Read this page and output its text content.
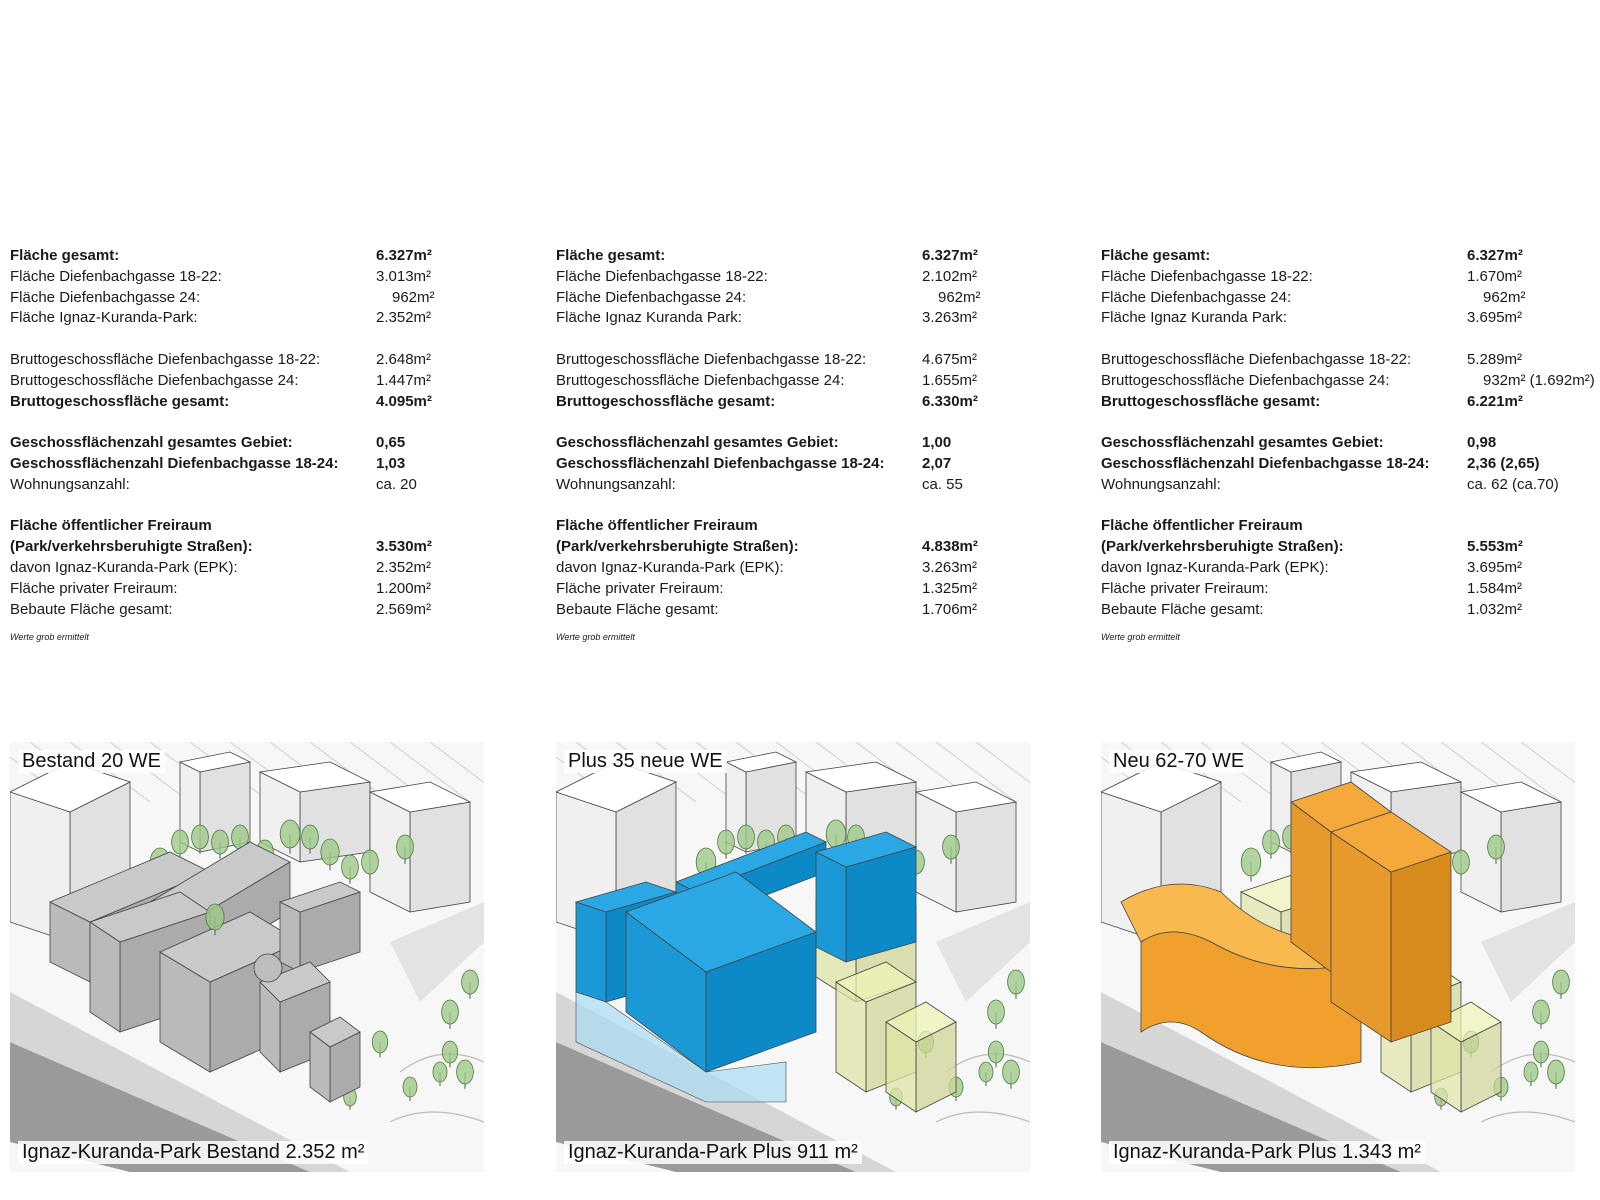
Fläche gesamt:	6.327m²
Fläche Diefenbachgasse 18-22:	3.013m²
Fläche Diefenbachgasse 24:	962m²
Fläche Ignaz-Kuranda-Park:	2.352m²
Bruttogeschossfläche Diefenbachgasse 18-22:	2.648m²
Bruttogeschossfläche Diefenbachgasse 24:	1.447m²
Bruttogeschossfläche gesamt:	4.095m²
Geschossflächenzahl gesamtes Gebiet:	0,65
Geschossflächenzahl Diefenbachgasse 18-24:	1,03
Wohnungsanzahl:	ca. 20
Fläche öffentlicher Freiraum
(Park/verkehrsberuhigte Straßen):	3.530m²
davon Ignaz-Kuranda-Park (EPK):	2.352m²
Fläche privater Freiraum:	1.200m²
Bebaute Fläche gesamt:	2.569m²
Werte grob ermittelt
Fläche gesamt:	6.327m²
Fläche Diefenbachgasse 18-22:	2.102m²
Fläche Diefenbachgasse 24:	962m²
Fläche Ignaz Kuranda Park:	3.263m²
Bruttogeschossfläche Diefenbachgasse 18-22:	4.675m²
Bruttogeschossfläche Diefenbachgasse 24:	1.655m²
Bruttogeschossfläche gesamt:	6.330m²
Geschossflächenzahl gesamtes Gebiet:	1,00
Geschossflächenzahl Diefenbachgasse 18-24:	2,07
Wohnungsanzahl:	ca. 55
Fläche öffentlicher Freiraum
(Park/verkehrsberuhigte Straßen):	4.838m²
davon Ignaz-Kuranda-Park (EPK):	3.263m²
Fläche privater Freiraum:	1.325m²
Bebaute Fläche gesamt:	1.706m²
Werte grob ermittelt
Fläche gesamt:	6.327m²
Fläche Diefenbachgasse 18-22:	1.670m²
Fläche Diefenbachgasse 24:	962m²
Fläche Ignaz Kuranda Park:	3.695m²
Bruttogeschossfläche Diefenbachgasse 18-22:	5.289m²
Bruttogeschossfläche Diefenbachgasse 24:	932m² (1.692m²)
Bruttogeschossfläche gesamt:	6.221m²
Geschossflächenzahl gesamtes Gebiet:	0,98
Geschossflächenzahl Diefenbachgasse 18-24:	2,36 (2,65)
Wohnungsanzahl:	ca. 62 (ca.70)
Fläche öffentlicher Freiraum
(Park/verkehrsberuhigte Straßen):	5.553m²
davon Ignaz-Kuranda-Park (EPK):	3.695m²
Fläche privater Freiraum:	1.584m²
Bebaute Fläche gesamt:	1.032m²
Werte grob ermittelt
Bestand 20 WE
Ignaz-Kuranda-Park Bestand 2.352 m²
Plus 35 neue WE
Ignaz-Kuranda-Park Plus 911 m²
Neu 62-70 WE
Ignaz-Kuranda-Park Plus 1.343 m²
